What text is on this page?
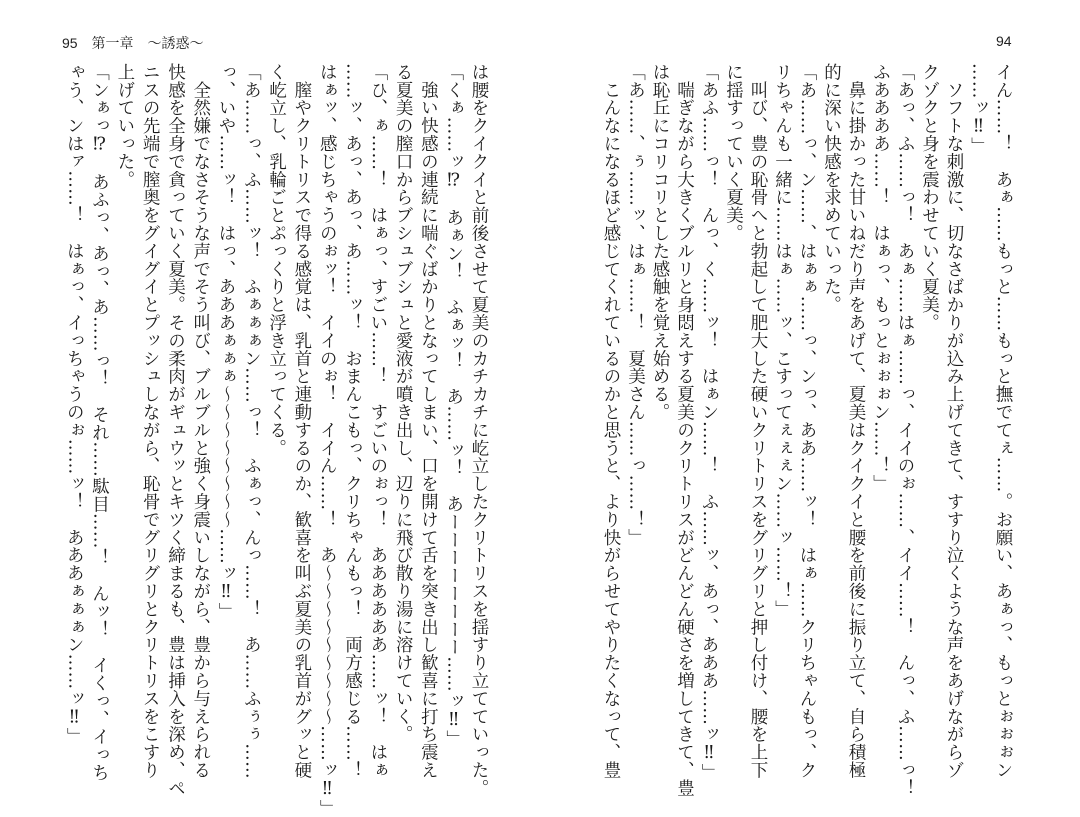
95 第一章　～誘惑～	94
イん……！　あぁ……もっと……もっと撫でてぇ……。お願い、あぁっ、もっとぉぉぉン
……ッ‼」
　ソフトな刺激に、切なさばかりが込み上げてきて、すすり泣くような声をあげながらゾ
クゾクと身を震わせていく夏美。
「あっ、ふ……っ！　あぁ……はぁ……っ、イイのぉ……、イイ……！　んっ、ふ……っ！
ふああああ……！　はぁっ、もっとぉぉぉン……！」
　鼻に掛かった甘いねだり声をあげて、夏美はクイクイと腰を前後に振り立て、自ら積極
的に深い快感を求めていった。
「あ……っ、ン……、はぁぁ……っ、ンっ、ああ……ッ！　はぁ……クリちゃんもっ、ク
リちゃんも一緒に……はぁ……ッ、こすってぇぇぇン……ッ……！」
　叫び、豊の恥骨へと勃起して肥大した硬いクリトリスをグリグリと押し付け、腰を上下
に揺すっていく夏美。
「あふ……っ！　んっ、く……ッ！　はぁン……！　ふ……ッ、あっ、あああ……ッ‼」
　喘ぎながら大きくブルリと身悶えする夏美のクリトリスがどんどん硬さを増してきて、豊
は恥丘にコリコリとした感触を覚え始める。
「あ……、ぅ……ッ、はぁ……！　夏美さん……っ……！」
　こんなになるほど感じてくれているのかと思うと、より快がらせてやりたくなって、豊
は腰をクイクイと前後させて夏美のカチカチに屹立したクリトリスを揺すり立てていった。
「くぁ……ッ⁉　あぁン！　ふぁッ！　あ……ッ！　あーーーーーーーー……ッ‼」
　強い快感の連続に喘ぐばかりとなってしまい、口を開けて舌を突き出し歓喜に打ち震え
る夏美の膣口からブシュブシュと愛液が噴き出し、辺りに飛び散り湯に溶けていく。
「ひ、ぁ……！　はぁっ、すごい……！　すごいのぉっ！　ああああああ……ッ！　はぁ
……ッ、あっ、あっ、あ……ッ！　おまんこもっ、クリちゃんもっ！　両方感じる……！
はぁッ、感じちゃうのぉッ！　イイのぉ！　イイん……！　あ〜〜〜〜〜〜〜〜〜……ッ‼」
　膣やクリトリスで得る感覚は、乳首と連動するのか、歓喜を叫ぶ夏美の乳首がグッと硬
く屹立し、乳輪ごとぷっくりと浮き立ってくる。
「あ……っ、ふ……ッ！　ふぁぁぁン……っ！　ふぁっ、んっ……！　あ……ふぅぅ……
っ、いや……ッ！　はっ、あああぁぁぁ〜〜〜〜〜〜〜〜……ッ‼」
　全然嫌でなさそうな声でそう叫び、ブルブルと強く身震いしながら、豊から与えられる
快感を全身で貪っていく夏美。その柔肉がギュウッとキツく締まるも、豊は挿入を深め、ペ
ニスの先端で膣奥をグイグイとプッシュしながら、恥骨でグリグリとクリトリスをこすり
上げていった。
「ンぁっ⁉　あふっ、あっ、あ……っ！　それ……駄目……！　んッ！　イくっ、イっち
ゃう、ンはァ……！　はぁっ、イっちゃうのぉ……ッ！　あああぁぁぁン……ッ‼」
